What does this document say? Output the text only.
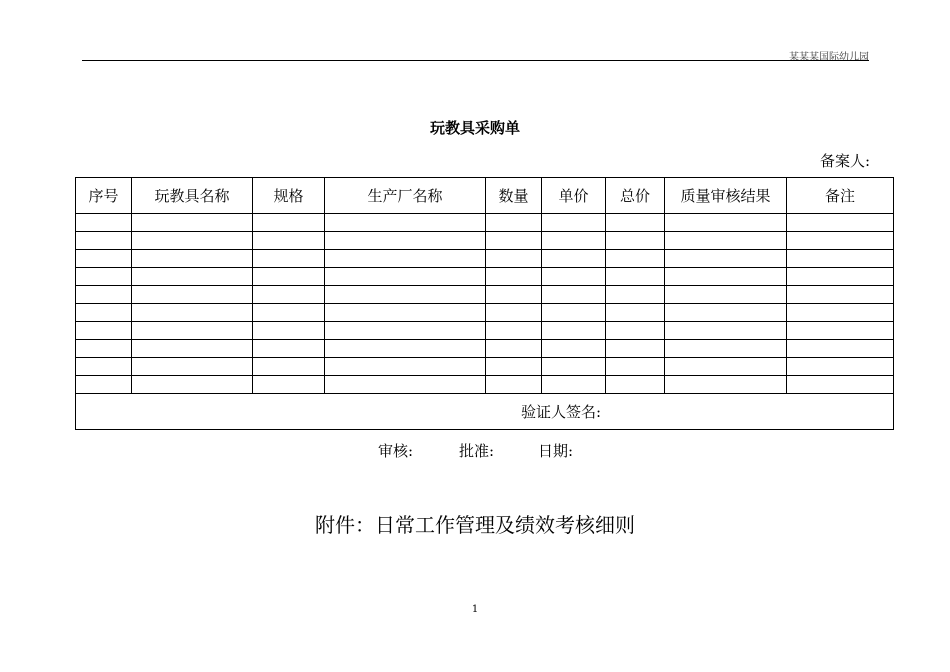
某某某国际幼儿园
玩教具采购单
备案人:
序号	玩教具名称	规格	生产厂名称	数量	单价	总价	质量审核结果	备注

验证人签名:								
审核:	批准:	日期:
附件：日常工作管理及绩效考核细则
1
